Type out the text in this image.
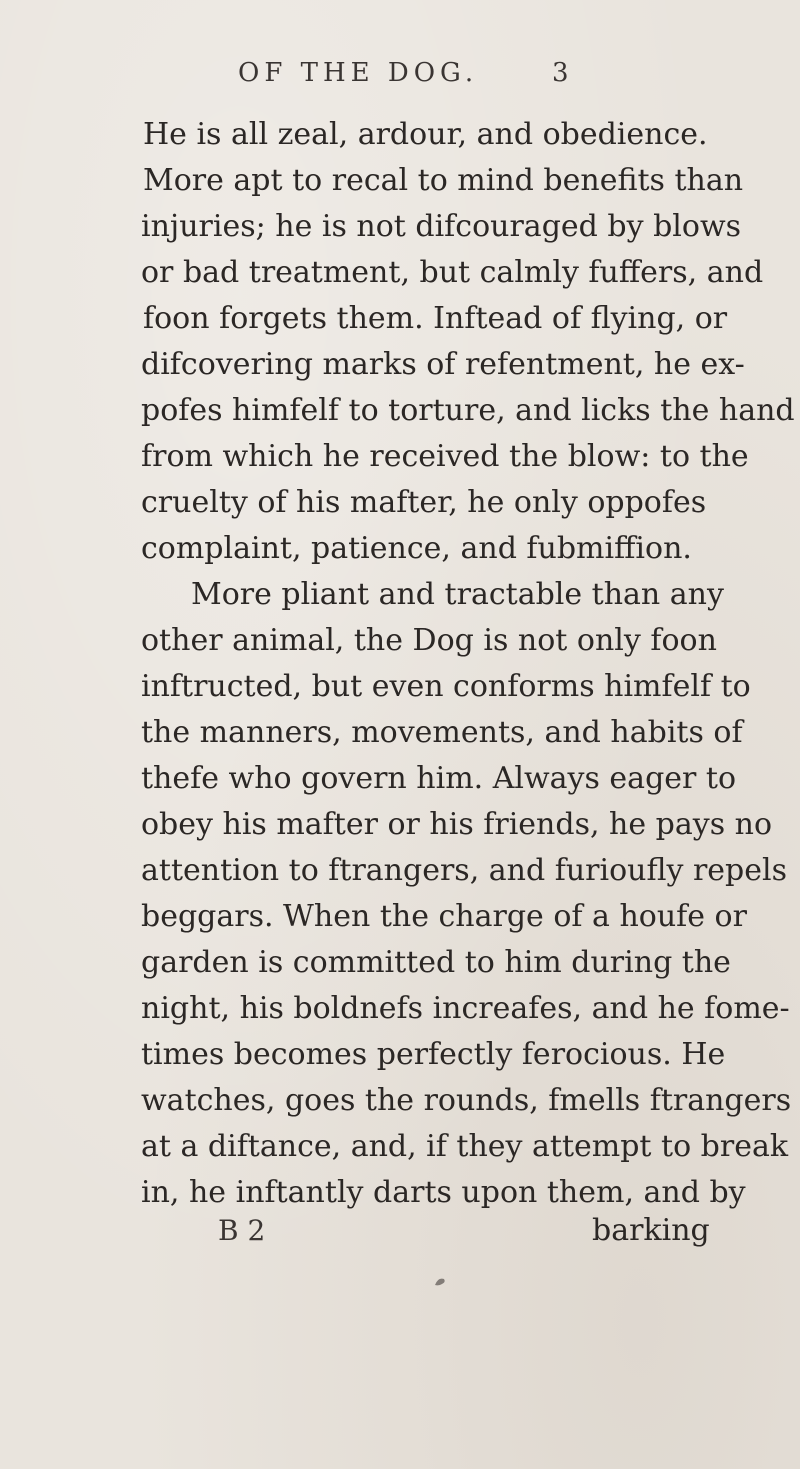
OF THE DOG.	3
He is all zeal, ardour, and obedience.
More apt to recal to mind benefits than
injuries; he is not difcouraged by blows
or bad treatment, but calmly fuffers, and
foon forgets them. Inftead of flying, or
difcovering marks of refentment, he ex-
pofes himfelf to torture, and licks the hand
from which he received the blow: to the
cruelty of his mafter, he only oppofes
complaint, patience, and fubmiffion.
More pliant and tractable than any
other animal, the Dog is not only foon
inftructed, but even conforms himfelf to
the manners, movements, and habits of
thefe who govern him. Always eager to
obey his mafter or his friends, he pays no
attention to ftrangers, and furioufly repels
beggars. When the charge of a houfe or
garden is committed to him during the
night, his boldnefs increafes, and he fome-
times becomes perfectly ferocious. He
watches, goes the rounds, fmells ftrangers
at a diftance, and, if they attempt to break
in, he inftantly darts upon them, and by
B 2	barking
